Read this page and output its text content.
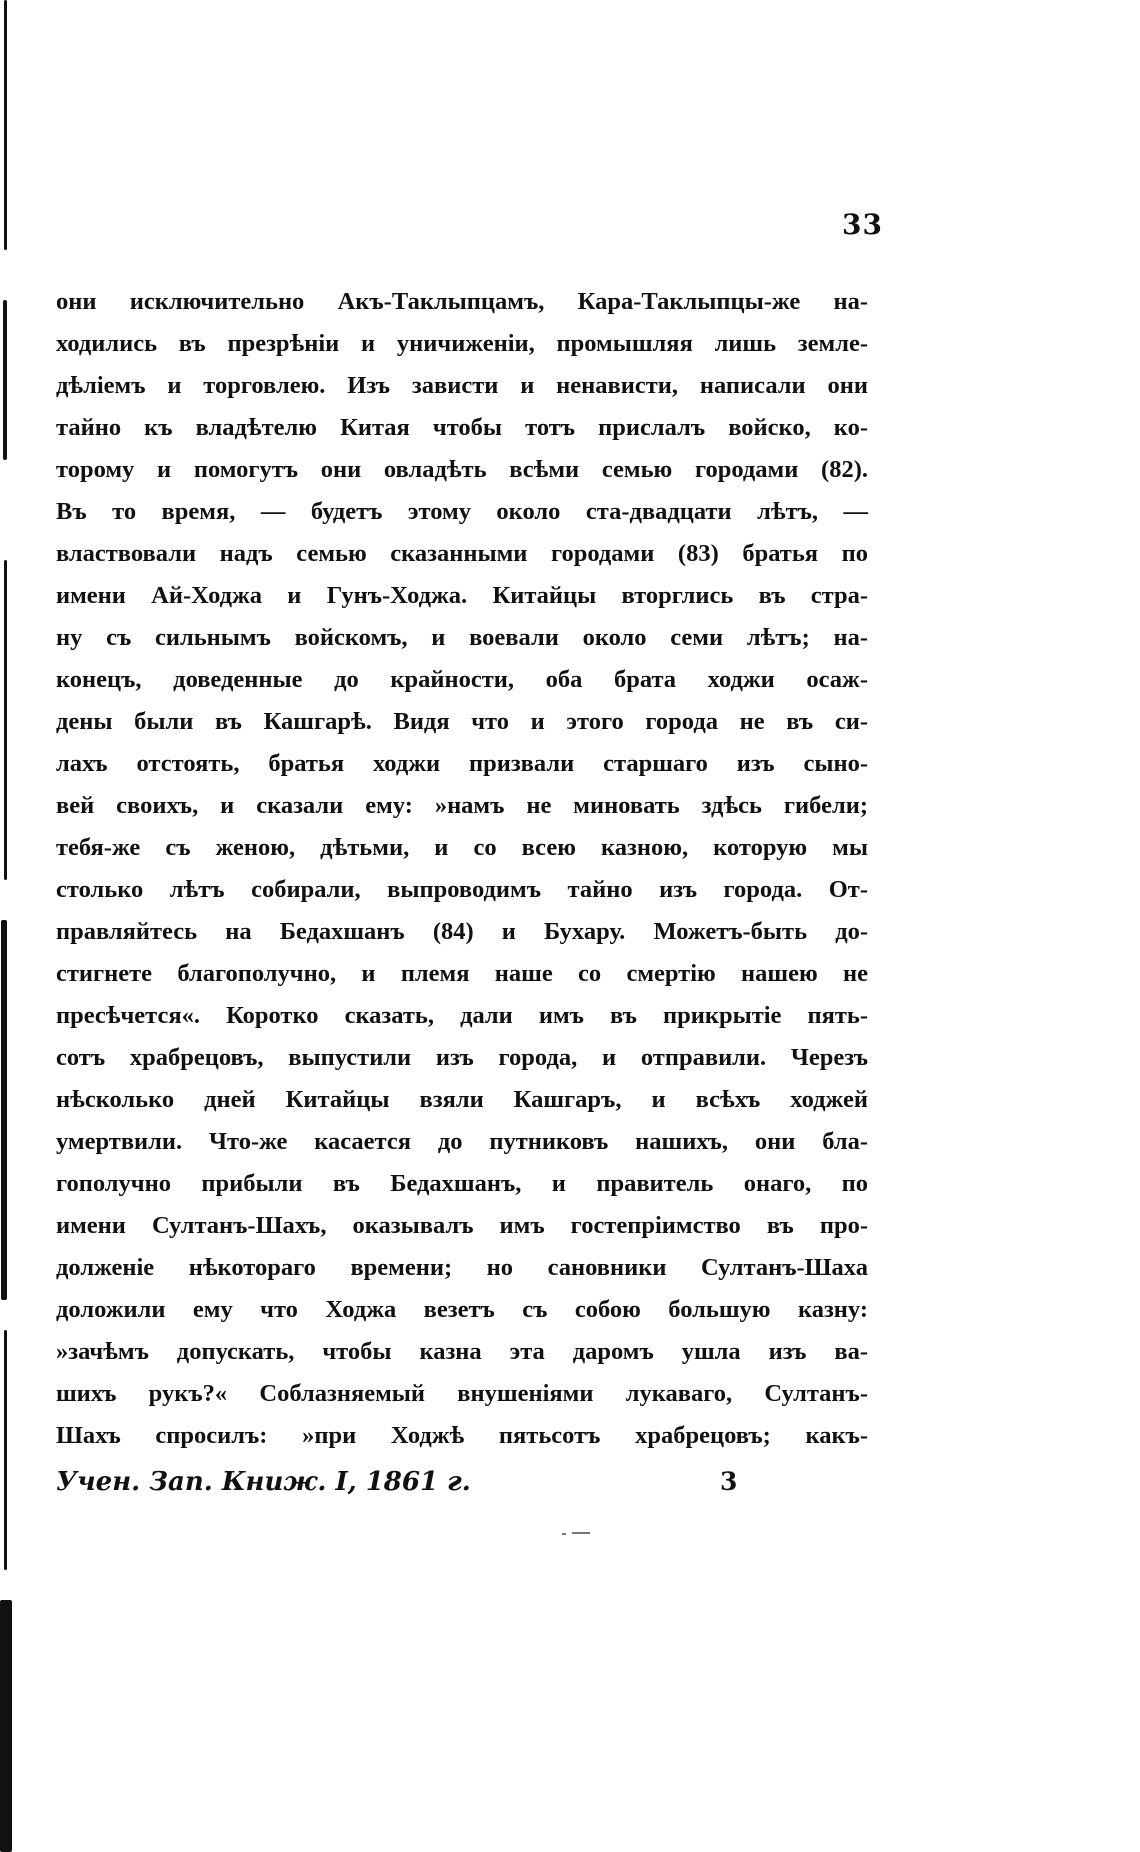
33
они исключительно Акъ-Таклыпцамъ, Кара-Таклыпцы-же на-
ходились въ презрѣніи и уничиженіи, промышляя лишь земле-
дѣліемъ и торговлею. Изъ зависти и ненависти, написали они
тайно къ владѣтелю Китая чтобы тотъ прислалъ войско, ко-
торому и помогутъ они овладѣть всѣми семью городами (82).
Въ то время, — будетъ этому около ста-двадцати лѣтъ, —
властвовали надъ семью сказанными городами (83) братья по
имени Ай-Ходжа и Гунъ-Ходжа. Китайцы вторглись въ стра-
ну съ сильнымъ войскомъ, и воевали около семи лѣтъ; на-
конецъ, доведенные до крайности, оба брата ходжи осаж-
дены были въ Кашгарѣ. Видя что и этого города не въ си-
лахъ отстоять, братья ходжи призвали старшаго изъ сыно-
вей своихъ, и сказали ему: »намъ не миновать здѣсь гибели;
тебя-же съ женою, дѣтьми, и со всею казною, которую мы
столько лѣтъ собирали, выпроводимъ тайно изъ города. От-
правляйтесь на Бедахшанъ (84) и Бухару. Можетъ-быть до-
стигнете благополучно, и племя наше со смертію нашею не
пресѣчется«. Коротко сказать, дали имъ въ прикрытіе пять-
сотъ храбрецовъ, выпустили изъ города, и отправили. Черезъ
нѣсколько дней Китайцы взяли Кашгаръ, и всѣхъ ходжей
умертвили. Что-же касается до путниковъ нашихъ, они бла-
гополучно прибыли въ Бедахшанъ, и правитель онаго, по
имени Султанъ-Шахъ, оказывалъ имъ гостепріимство въ про-
долженіе нѣкотораго времени; но сановники Султанъ-Шаха
доложили ему что Ходжа везетъ съ собою большую казну:
»зачѣмъ допускать, чтобы казна эта даромъ ушла изъ ва-
шихъ рукъ?« Соблазняемый внушеніями лукаваго, Султанъ-
Шахъ спросилъ: »при Ходжѣ пятьсотъ храбрецовъ; какъ-
Учен. Зап. Книж. I, 1861 г.	3
